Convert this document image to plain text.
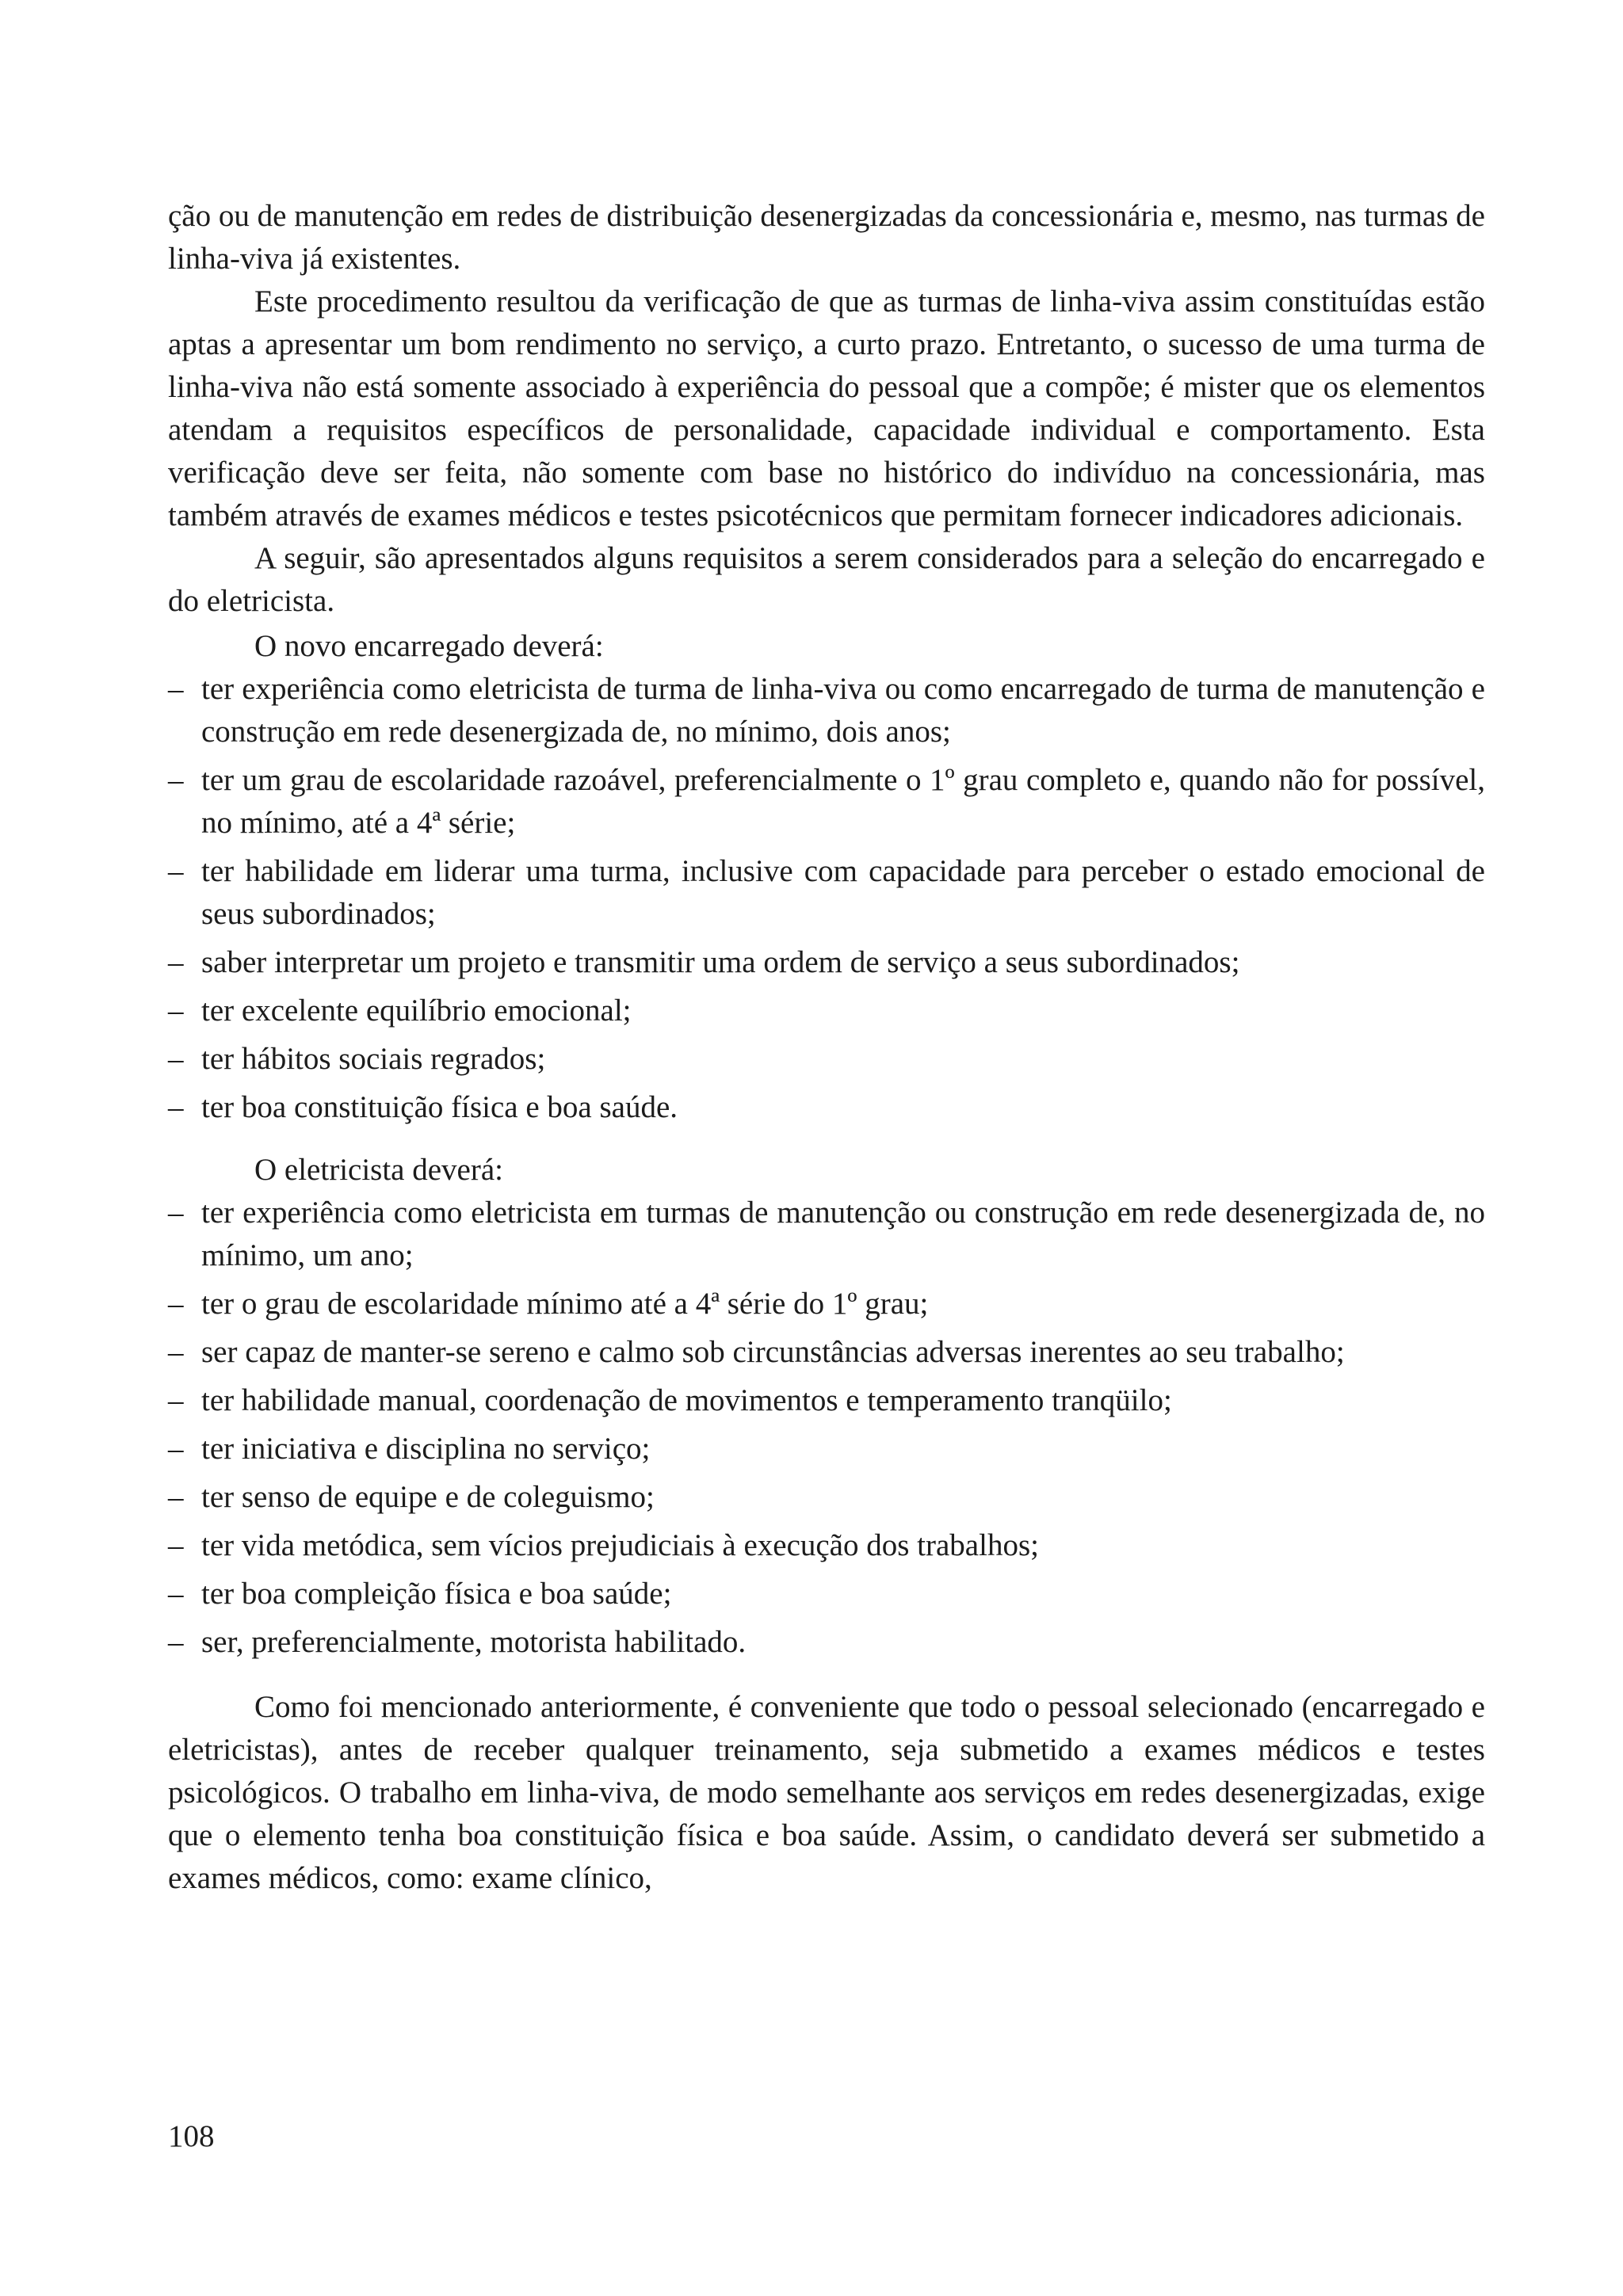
ção ou de manutenção em redes de distribuição desenergizadas da concessionária e, mesmo, nas turmas de linha-viva já existentes.

Este procedimento resultou da verificação de que as turmas de linha-viva assim constituídas estão aptas a apresentar um bom rendimento no serviço, a curto prazo. Entretanto, o sucesso de uma turma de linha-viva não está somente associado à experiência do pessoal que a compõe; é mister que os elementos atendam a requisitos específicos de personalidade, capacidade individual e comportamento. Esta verificação deve ser feita, não somente com base no histórico do indivíduo na concessionária, mas também através de exames médicos e testes psicotécnicos que permitam fornecer indicadores adicionais.

A seguir, são apresentados alguns requisitos a serem considerados para a seleção do encarregado e do eletricista.

O novo encarregado deverá:

– ter experiência como eletricista de turma de linha-viva ou como encarregado de turma de manutenção e construção em rede desenergizada de, no mínimo, dois anos;
– ter um grau de escolaridade razoável, preferencialmente o 1º grau completo e, quando não for possível, no mínimo, até a 4ª série;
– ter habilidade em liderar uma turma, inclusive com capacidade para perceber o estado emocional de seus subordinados;
– saber interpretar um projeto e transmitir uma ordem de serviço a seus subordinados;
– ter excelente equilíbrio emocional;
– ter hábitos sociais regrados;
– ter boa constituição física e boa saúde.

O eletricista deverá:

– ter experiência como eletricista em turmas de manutenção ou construção em rede desenergizada de, no mínimo, um ano;
– ter o grau de escolaridade mínimo até a 4ª série do 1º grau;
– ser capaz de manter-se sereno e calmo sob circunstâncias adversas inerentes ao seu trabalho;
– ter habilidade manual, coordenação de movimentos e temperamento tranqüilo;
– ter iniciativa e disciplina no serviço;
– ter senso de equipe e de coleguismo;
– ter vida metódica, sem vícios prejudiciais à execução dos trabalhos;
– ter boa compleição física e boa saúde;
– ser, preferencialmente, motorista habilitado.

Como foi mencionado anteriormente, é conveniente que todo o pessoal selecionado (encarregado e eletricistas), antes de receber qualquer treinamento, seja submetido a exames médicos e testes psicológicos. O trabalho em linha-viva, de modo semelhante aos serviços em redes desenergizadas, exige que o elemento tenha boa constituição física e boa saúde. Assim, o candidato deverá ser submetido a exames médicos, como: exame clínico,

108
